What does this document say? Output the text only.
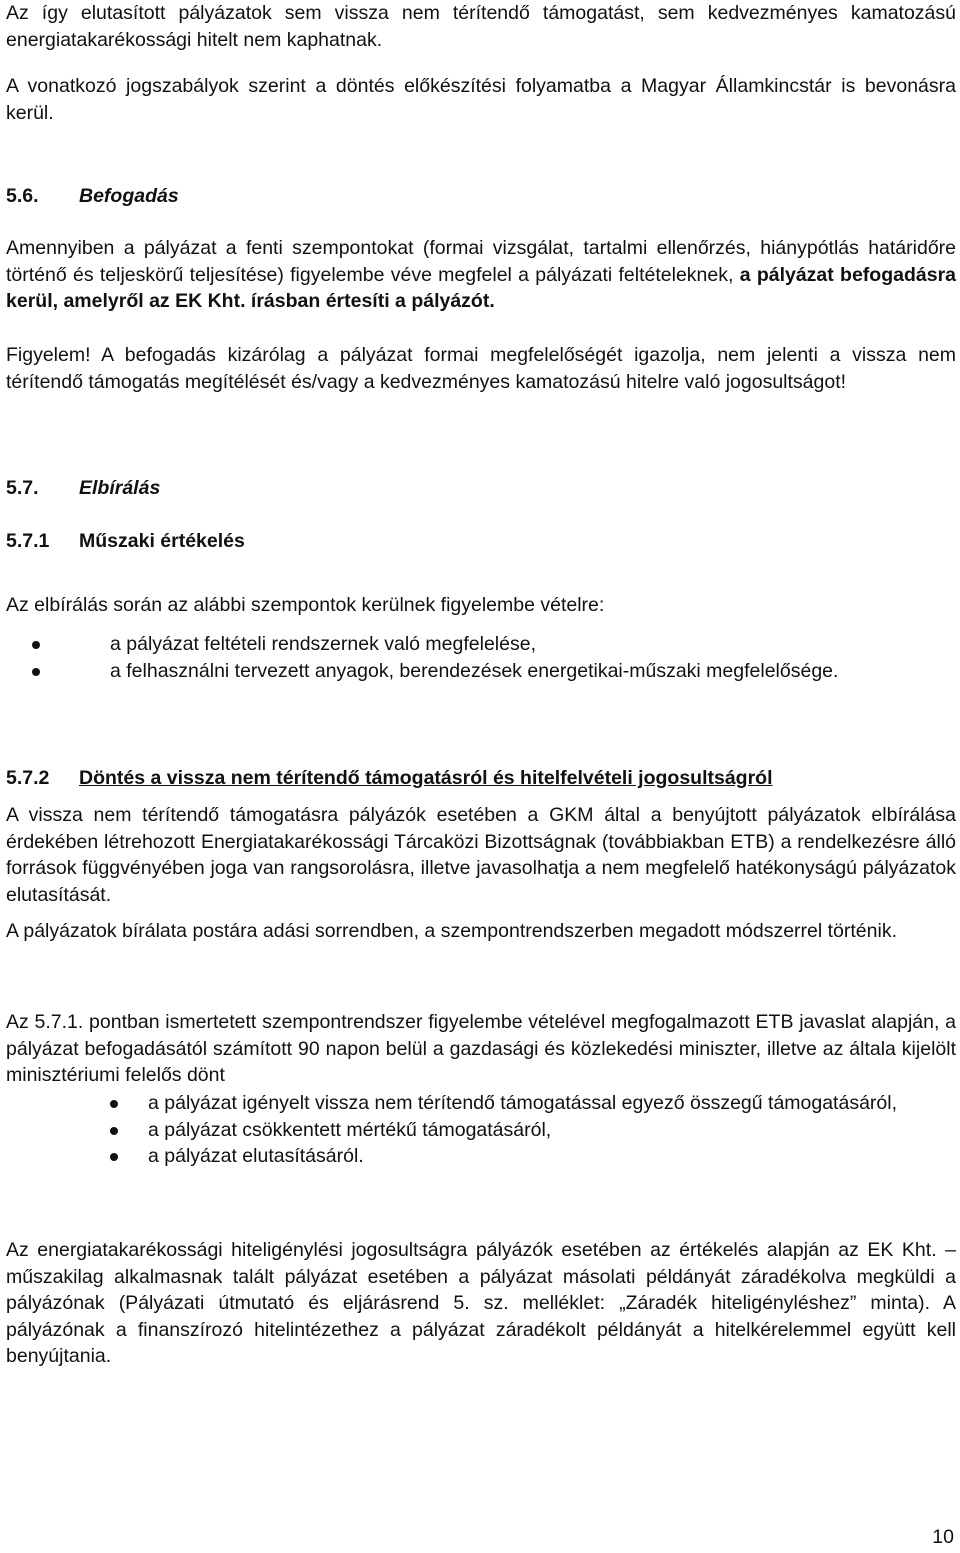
Az így elutasított pályázatok sem vissza nem térítendő támogatást, sem kedvezményes kamatozású energiatakarékossági hitelt nem kaphatnak.

A vonatkozó jogszabályok szerint a döntés előkészítési folyamatba a Magyar Államkincstár is bevonásra kerül.

5.6. Befogadás

Amennyiben a pályázat a fenti szempontokat (formai vizsgálat, tartalmi ellenőrzés, hiánypótlás határidőre történő és teljeskörű teljesítése) figyelembe véve megfelel a pályázati feltételeknek, a pályázat befogadásra kerül, amelyről az EK Kht. írásban értesíti a pályázót.

Figyelem! A befogadás kizárólag a pályázat formai megfelelőségét igazolja, nem jelenti a vissza nem térítendő támogatás megítélését és/vagy a kedvezményes kamatozású hitelre való jogosultságot!

5.7. Elbírálás
5.7.1 Műszaki értékelés

Az elbírálás során az alábbi szempontok kerülnek figyelembe vételre:

a pályázat feltételi rendszernek való megfelelése,
a felhasználni tervezett anyagok, berendezések energetikai-műszaki megfelelősége.
5.7.2 Döntés a vissza nem térítendő támogatásról és hitelfelvételi jogosultságról

A vissza nem térítendő támogatásra pályázók esetében a GKM által a benyújtott pályázatok elbírálása érdekében létrehozott Energiatakarékossági Tárcaközi Bizottságnak (továbbiakban ETB) a rendelkezésre álló források függvényében joga van rangsorolásra, illetve javasolhatja a nem megfelelő hatékonyságú pályázatok elutasítását.

A pályázatok bírálata postára adási sorrendben, a szempontrendszerben megadott módszerrel történik.

Az 5.7.1. pontban ismertetett szempontrendszer figyelembe vételével megfogalmazott ETB javaslat alapján, a pályázat befogadásától számított 90 napon belül a gazdasági és közlekedési miniszter, illetve az általa kijelölt minisztériumi felelős dönt

a pályázat igényelt vissza nem térítendő támogatással egyező összegű támogatásáról,
a pályázat csökkentett mértékű támogatásáról,
a pályázat elutasításáról.

Az energiatakarékossági hiteligénylési jogosultságra pályázók esetében az értékelés alapján az EK Kht. – műszakilag alkalmasnak talált pályázat esetében a pályázat másolati példányát záradékolva megküldi a pályázónak (Pályázati útmutató és eljárásrend 5. sz. melléklet: „Záradék hiteligényléshez” minta). A pályázónak a finanszírozó hitelintézethez a pályázat záradékolt példányát a hitelkérelemmel együtt kell benyújtania.

10
